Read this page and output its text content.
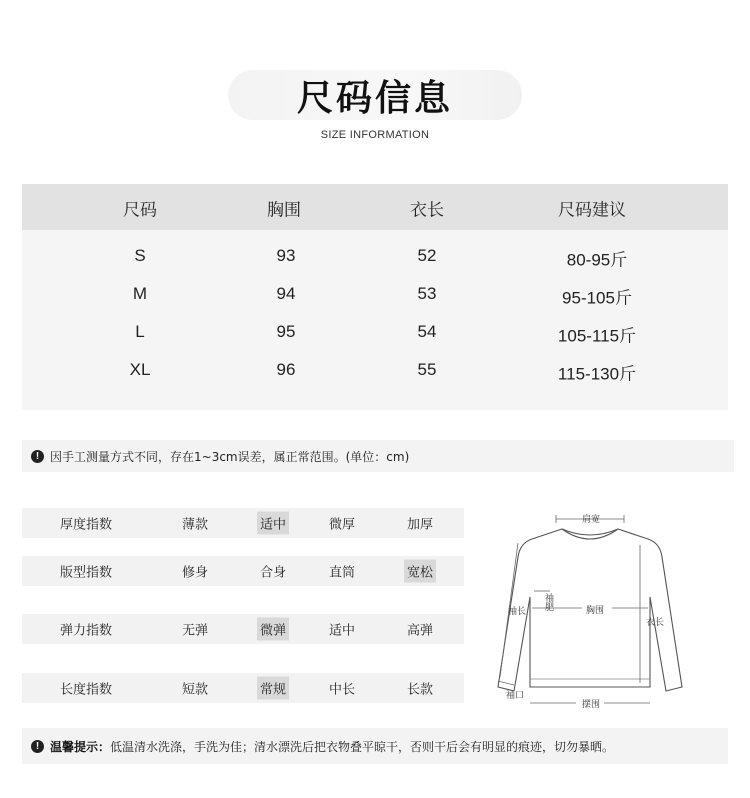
尺码信息
SIZE INFORMATION
尺码	胸围	衣长	尺码建议
S	93	52	80-95斤
M	94	53	95-105斤
L	95	54	105-115斤
XL	96	55	115-130斤
! 因手工测量方式不同，存在1~3cm误差，属正常范围。(单位：cm)
厚度指数	薄款	适中	微厚	加厚
版型指数	修身	合身	直筒	宽松
弹力指数	无弹	微弹	适中	高弹
长度指数	短款	常规	中长	长款
肩宽
袖长
袖肥	胸围
衣长
袖口
摆围
! 温馨提示： 低温清水洗涤，手洗为佳；清水漂洗后把衣物叠平晾干，否则干后会有明显的痕迹，切勿暴晒。
